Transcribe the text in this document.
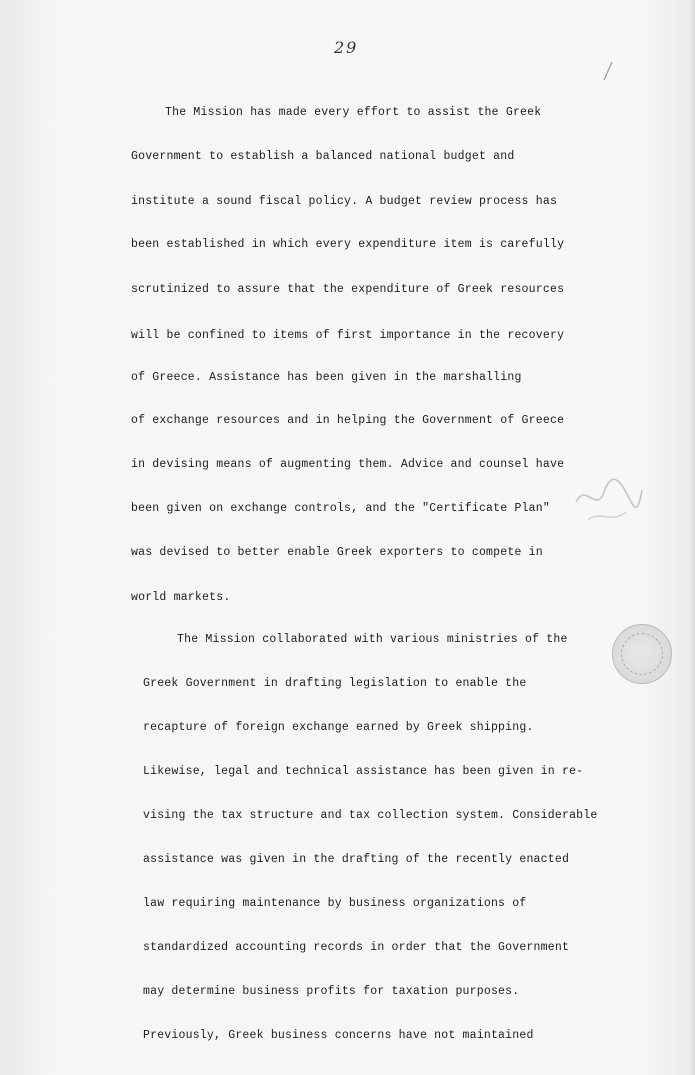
29
The Mission has made every effort to assist the Greek
Government to establish a balanced national budget and
institute a sound fiscal policy. A budget review process has
been established in which every expenditure item is carefully
scrutinized to assure that the expenditure of Greek resources
will be confined to items of first importance in the recovery
of Greece. Assistance has been given in the marshalling
of exchange resources and in helping the Government of Greece
in devising means of augmenting them. Advice and counsel have
been given on exchange controls, and the "Certificate Plan"
was devised to better enable Greek exporters to compete in
world markets.
The Mission collaborated with various ministries of the
Greek Government in drafting legislation to enable the
recapture of foreign exchange earned by Greek shipping.
Likewise, legal and technical assistance has been given in re-
vising the tax structure and tax collection system. Considerable
assistance was given in the drafting of the recently enacted
law requiring maintenance by business organizations of
standardized accounting records in order that the Government
may determine business profits for taxation purposes.
Previously, Greek business concerns have not maintained
